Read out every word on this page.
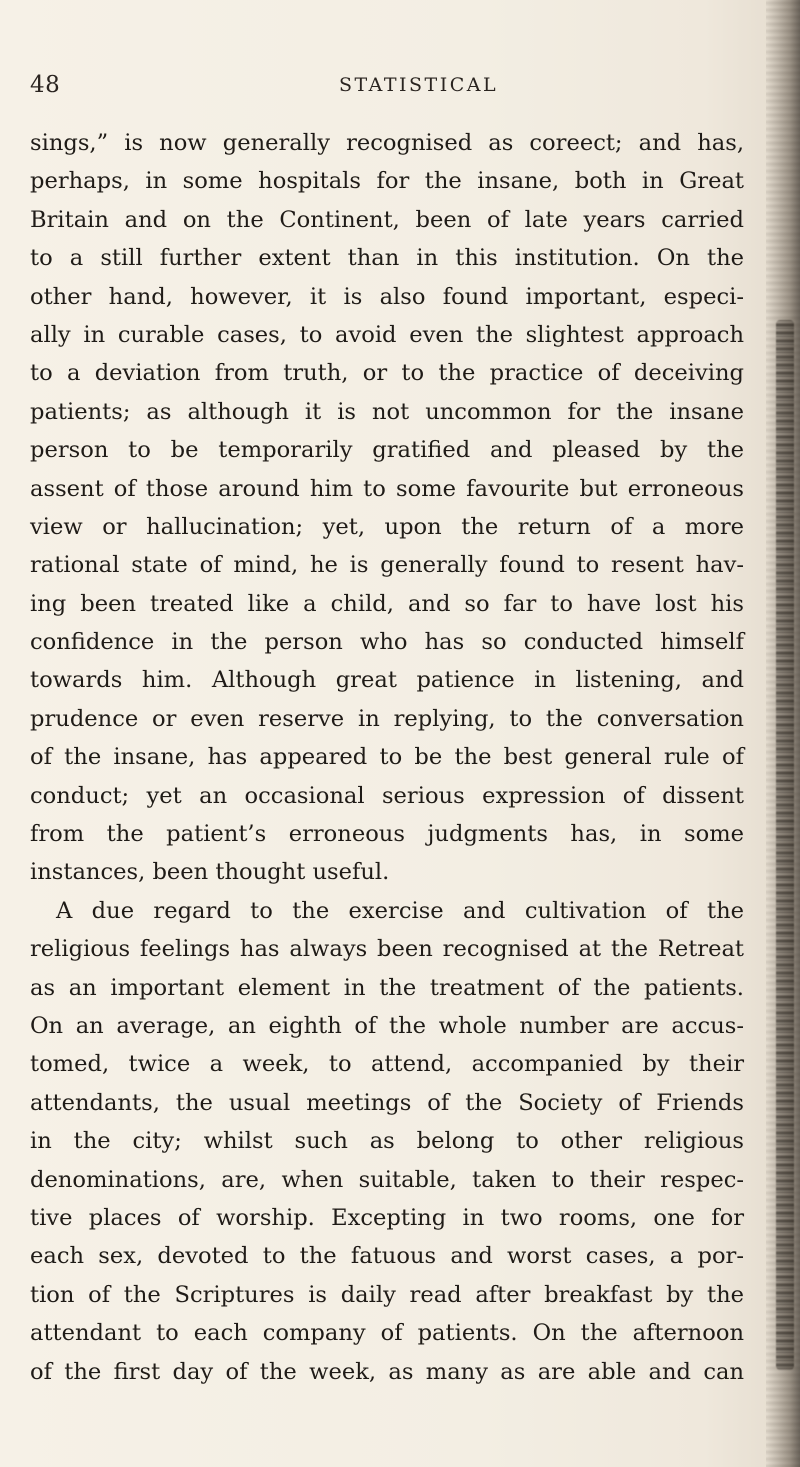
48	STATISTICAL
sings,” is now generally recognised as coreect; and has,
perhaps, in some hospitals for the insane, both in Great
Britain and on the Continent, been of late years carried
to a still further extent than in this institution. On the
other hand, however, it is also found important, especi-
ally in curable cases, to avoid even the slightest approach
to a deviation from truth, or to the practice of deceiving
patients; as although it is not uncommon for the insane
person to be temporarily gratified and pleased by the
assent of those around him to some favourite but erroneous
view or hallucination; yet, upon the return of a more
rational state of mind, he is generally found to resent hav-
ing been treated like a child, and so far to have lost his
confidence in the person who has so conducted himself
towards him. Although great patience in listening, and
prudence or even reserve in replying, to the conversation
of the insane, has appeared to be the best general rule of
conduct; yet an occasional serious expression of dissent
from the patient’s erroneous judgments has, in some
instances, been thought useful.
A due regard to the exercise and cultivation of the
religious feelings has always been recognised at the Retreat
as an important element in the treatment of the patients.
On an average, an eighth of the whole number are accus-
tomed, twice a week, to attend, accompanied by their
attendants, the usual meetings of the Society of Friends
in the city; whilst such as belong to other religious
denominations, are, when suitable, taken to their respec-
tive places of worship. Excepting in two rooms, one for
each sex, devoted to the fatuous and worst cases, a por-
tion of the Scriptures is daily read after breakfast by the
attendant to each company of patients. On the afternoon
of the first day of the week, as many as are able and can
